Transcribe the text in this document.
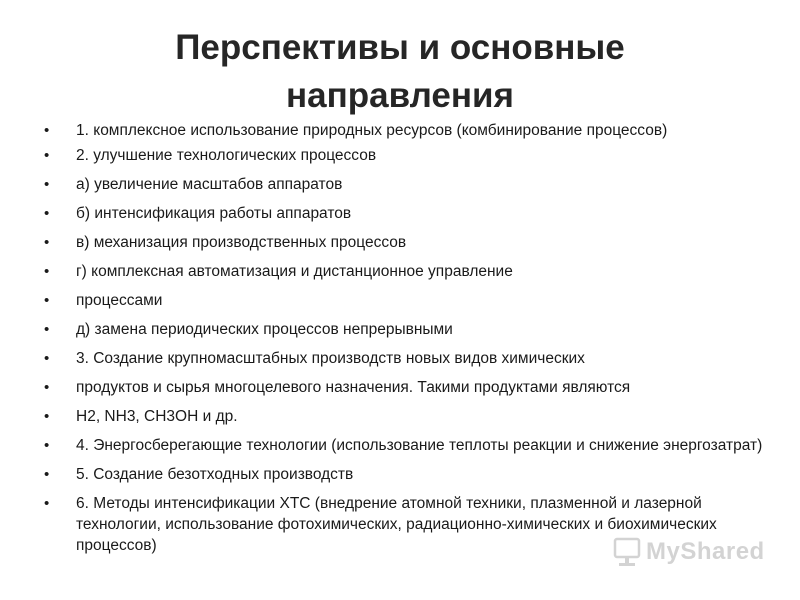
Перспективы и основные
направления
• 1. комплексное использование природных ресурсов (комбинирование процессов)
• 2. улучшение технологических процессов
• а) увеличение масштабов аппаратов
• б) интенсификация работы аппаратов
• в) механизация производственных процессов
• г) комплексная автоматизация и дистанционное управление
• процессами
• д) замена периодических процессов непрерывными
• 3. Создание крупномасштабных производств новых видов химических
• продуктов и сырья многоцелевого назначения. Такими продуктами являются
• Н2, NН3, СН3ОН и др.
• 4. Энергосберегающие технологии (использование теплоты реакции и снижение энергозатрат)
• 5. Создание безотходных производств
• 6. Методы интенсификации ХТС (внедрение атомной техники, плазменной и лазерной технологии, использование фотохимических, радиационно-химических и биохимических процессов)	MyShared
